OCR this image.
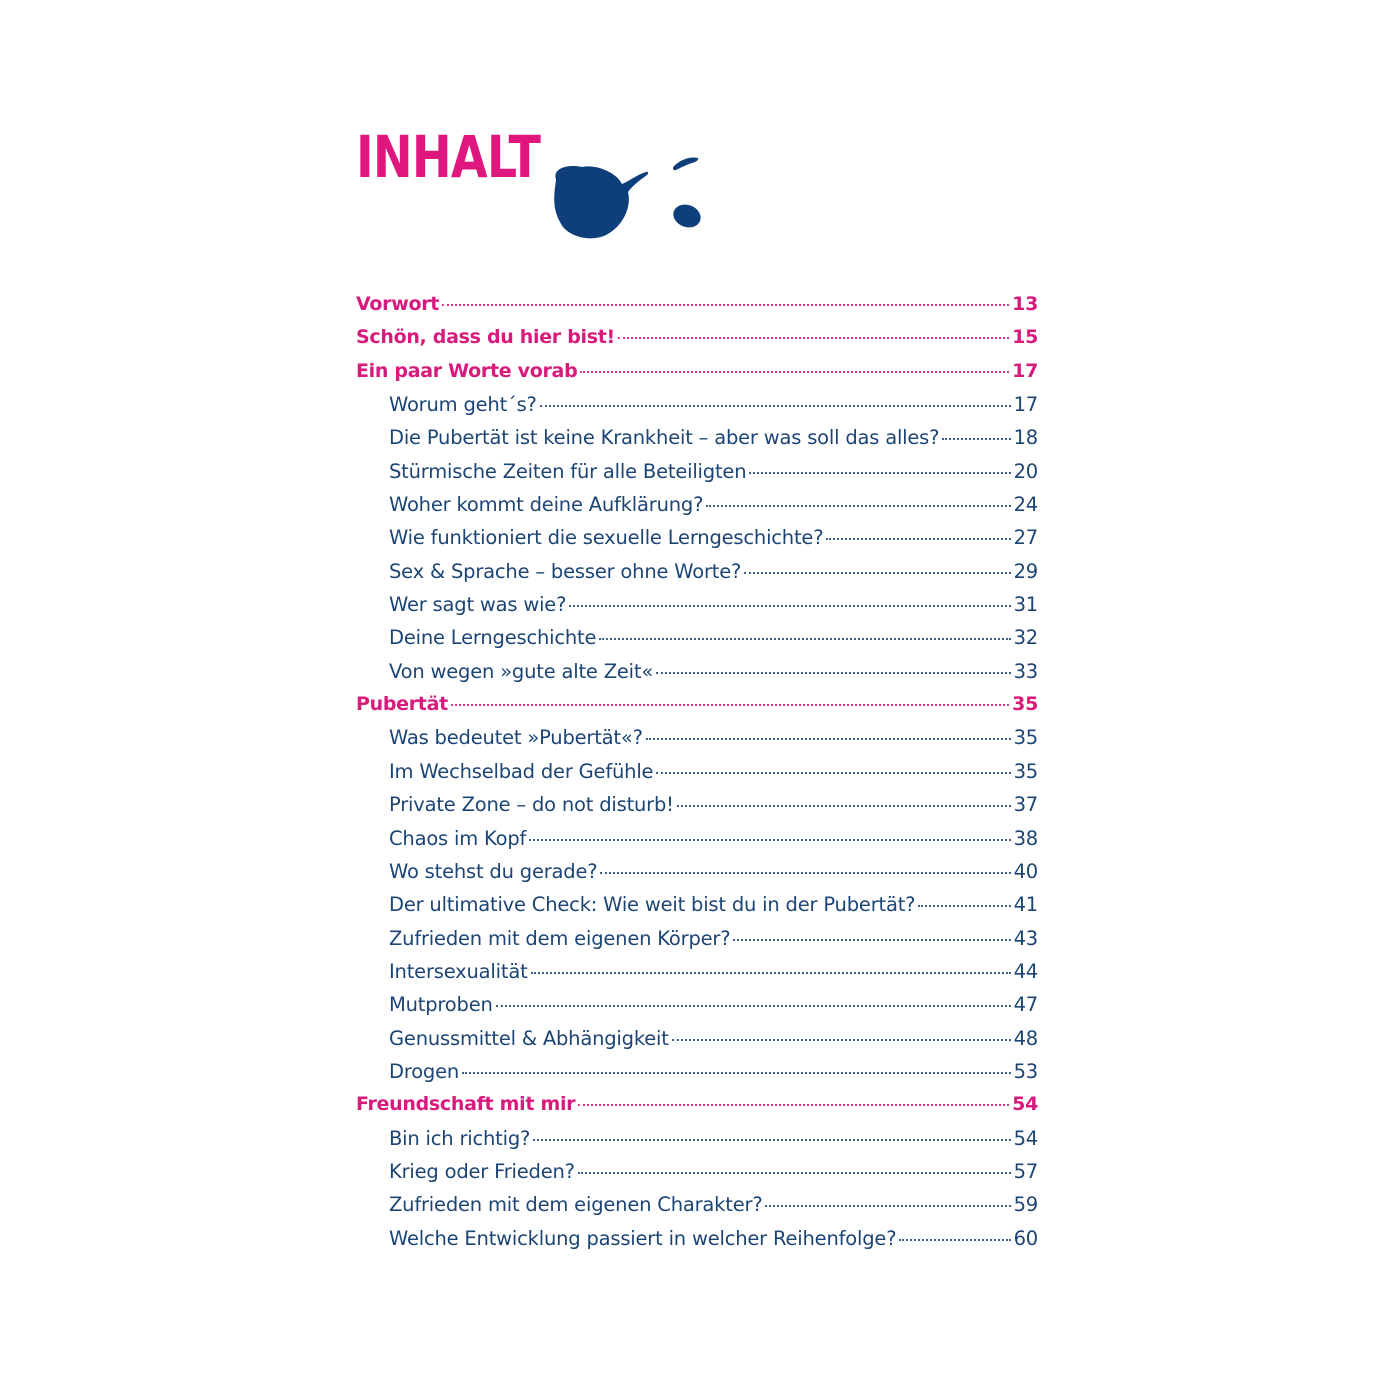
INHALT
Vorwort	13
Schön, dass du hier bist!	15
Ein paar Worte vorab	17
Worum geht´s?	17
Die Pubertät ist keine Krankheit – aber was soll das alles?	18
Stürmische Zeiten für alle Beteiligten	20
Woher kommt deine Aufklärung?	24
Wie funktioniert die sexuelle Lerngeschichte?	27
Sex & Sprache – besser ohne Worte?	29
Wer sagt was wie?	31
Deine Lerngeschichte	32
Von wegen »gute alte Zeit«	33
Pubertät	35
Was bedeutet »Pubertät«?	35
Im Wechselbad der Gefühle	35
Private Zone – do not disturb!	37
Chaos im Kopf	38
Wo stehst du gerade?	40
Der ultimative Check: Wie weit bist du in der Pubertät?	41
Zufrieden mit dem eigenen Körper?	43
Intersexualität	44
Mutproben	47
Genussmittel & Abhängigkeit	48
Drogen	53
Freundschaft mit mir	54
Bin ich richtig?	54
Krieg oder Frieden?	57
Zufrieden mit dem eigenen Charakter?	59
Welche Entwicklung passiert in welcher Reihenfolge?	60
